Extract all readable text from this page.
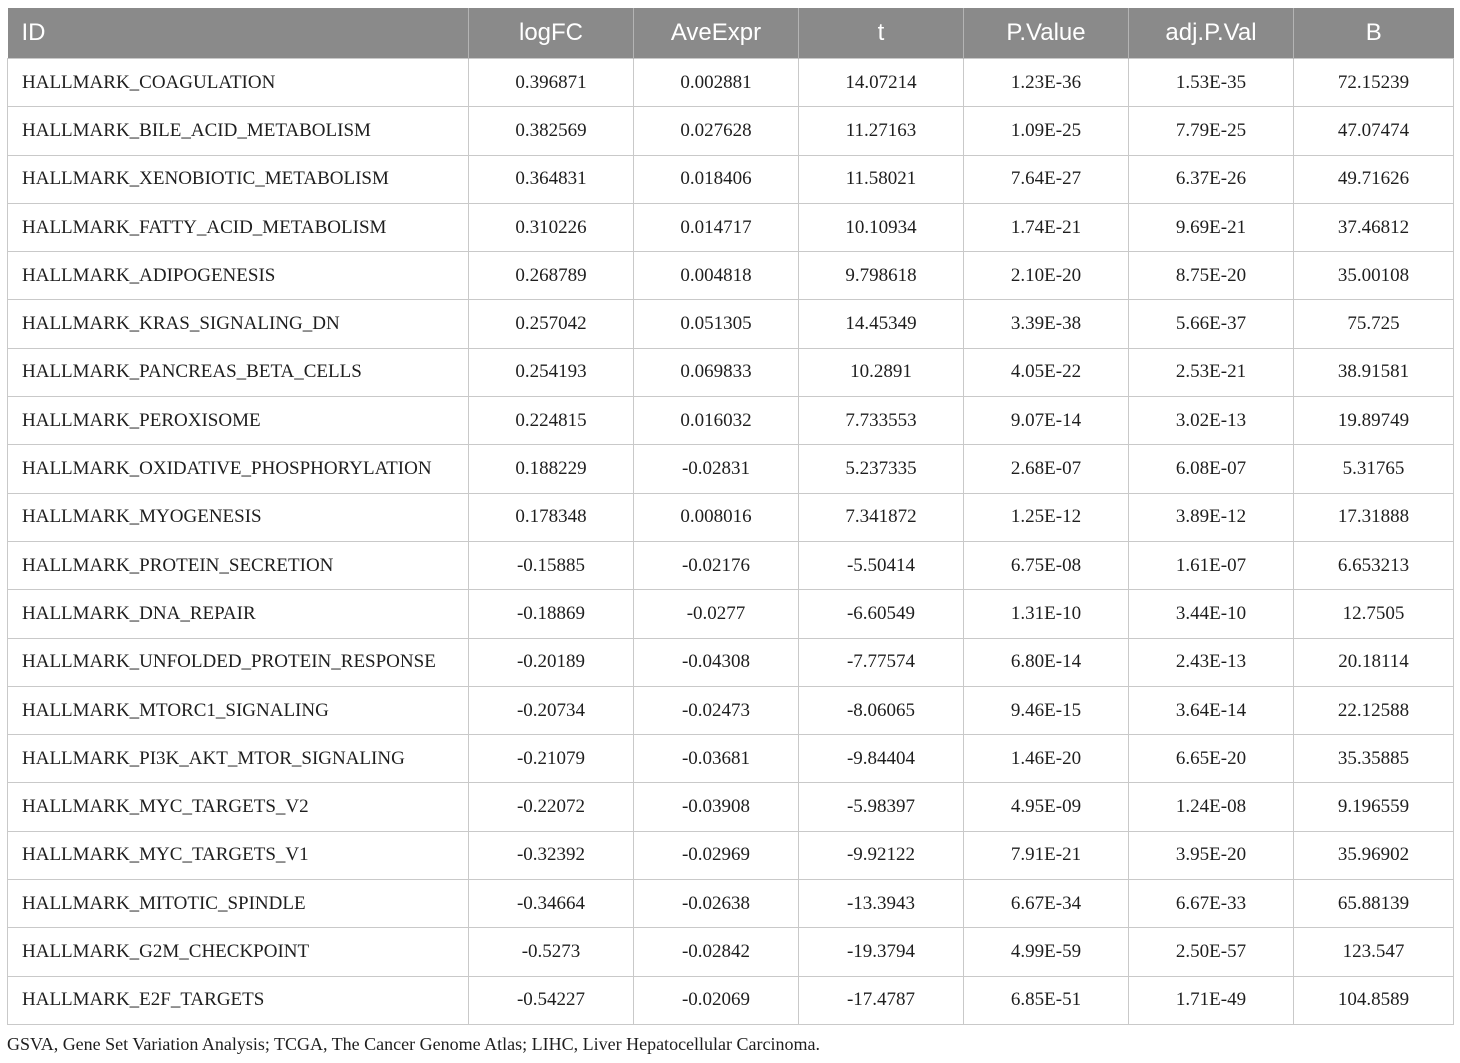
ID	logFC	AveExpr	t	P.Value	adj.P.Val	B
HALLMARK_COAGULATION	0.396871	0.002881	14.07214	1.23E-36	1.53E-35	72.15239
HALLMARK_BILE_ACID_METABOLISM	0.382569	0.027628	11.27163	1.09E-25	7.79E-25	47.07474
HALLMARK_XENOBIOTIC_METABOLISM	0.364831	0.018406	11.58021	7.64E-27	6.37E-26	49.71626
HALLMARK_FATTY_ACID_METABOLISM	0.310226	0.014717	10.10934	1.74E-21	9.69E-21	37.46812
HALLMARK_ADIPOGENESIS	0.268789	0.004818	9.798618	2.10E-20	8.75E-20	35.00108
HALLMARK_KRAS_SIGNALING_DN	0.257042	0.051305	14.45349	3.39E-38	5.66E-37	75.725
HALLMARK_PANCREAS_BETA_CELLS	0.254193	0.069833	10.2891	4.05E-22	2.53E-21	38.91581
HALLMARK_PEROXISOME	0.224815	0.016032	7.733553	9.07E-14	3.02E-13	19.89749
HALLMARK_OXIDATIVE_PHOSPHORYLATION	0.188229	-0.02831	5.237335	2.68E-07	6.08E-07	5.31765
HALLMARK_MYOGENESIS	0.178348	0.008016	7.341872	1.25E-12	3.89E-12	17.31888
HALLMARK_PROTEIN_SECRETION	-0.15885	-0.02176	-5.50414	6.75E-08	1.61E-07	6.653213
HALLMARK_DNA_REPAIR	-0.18869	-0.0277	-6.60549	1.31E-10	3.44E-10	12.7505
HALLMARK_UNFOLDED_PROTEIN_RESPONSE	-0.20189	-0.04308	-7.77574	6.80E-14	2.43E-13	20.18114
HALLMARK_MTORC1_SIGNALING	-0.20734	-0.02473	-8.06065	9.46E-15	3.64E-14	22.12588
HALLMARK_PI3K_AKT_MTOR_SIGNALING	-0.21079	-0.03681	-9.84404	1.46E-20	6.65E-20	35.35885
HALLMARK_MYC_TARGETS_V2	-0.22072	-0.03908	-5.98397	4.95E-09	1.24E-08	9.196559
HALLMARK_MYC_TARGETS_V1	-0.32392	-0.02969	-9.92122	7.91E-21	3.95E-20	35.96902
HALLMARK_MITOTIC_SPINDLE	-0.34664	-0.02638	-13.3943	6.67E-34	6.67E-33	65.88139
HALLMARK_G2M_CHECKPOINT	-0.5273	-0.02842	-19.3794	4.99E-59	2.50E-57	123.547
HALLMARK_E2F_TARGETS	-0.54227	-0.02069	-17.4787	6.85E-51	1.71E-49	104.8589
GSVA, Gene Set Variation Analysis; TCGA, The Cancer Genome Atlas; LIHC, Liver Hepatocellular Carcinoma.
